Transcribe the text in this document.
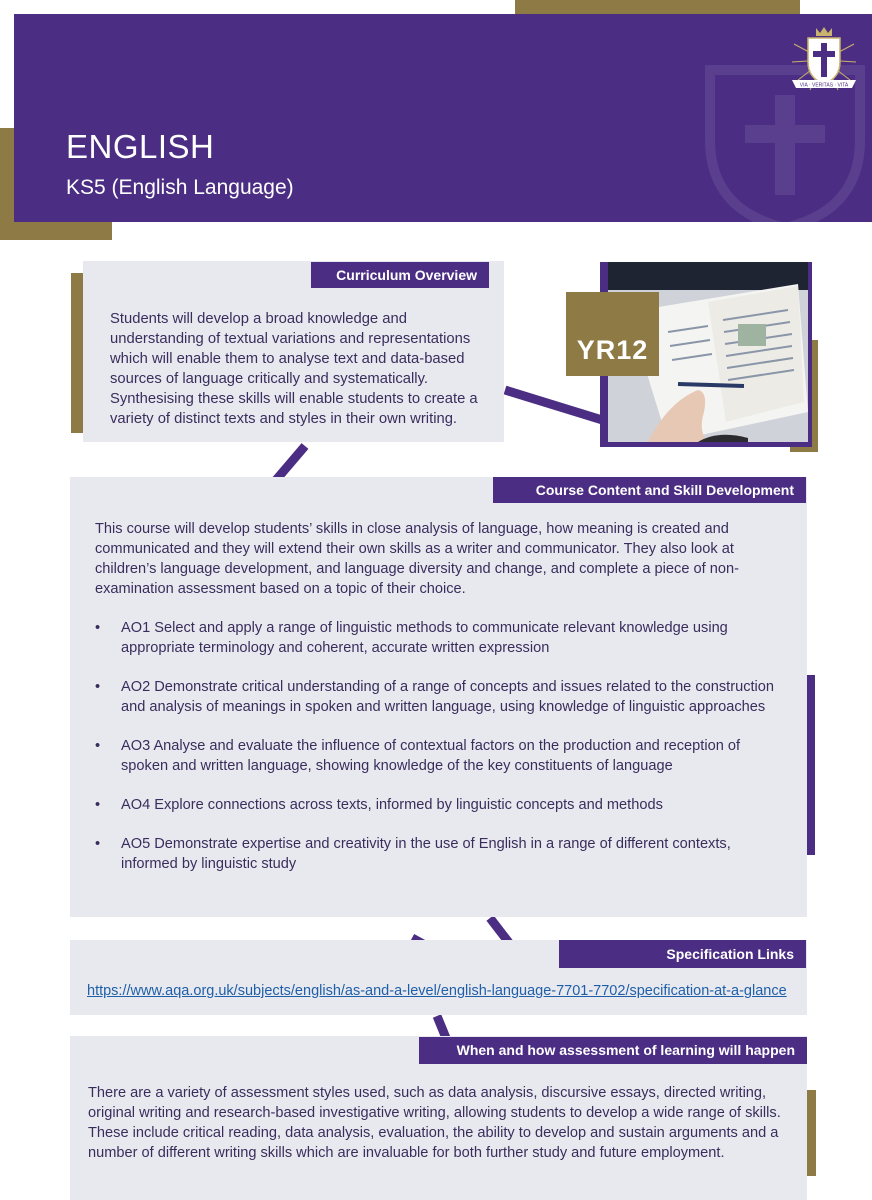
ENGLISH
KS5 (English Language)
VIA · VERITAS · VITA
Curriculum Overview
Students will develop a broad knowledge and understanding of textual variations and representations which will enable them to analyse text and data-based sources of language critically and systematically. Synthesising these skills will enable students to create a variety of distinct texts and styles in their own writing.
YR12
Course Content and Skill Development
This course will develop students’ skills in close analysis of language, how meaning is created and communicated and they will extend their own skills as a writer and communicator. They also look at children’s language development, and language diversity and change, and complete a piece of non-examination assessment based on a topic of their choice.
• AO1 Select and apply a range of linguistic methods to communicate relevant knowledge using appropriate terminology and coherent, accurate written expression
• AO2 Demonstrate critical understanding of a range of concepts and issues related to the construction and analysis of meanings in spoken and written language, using knowledge of linguistic approaches
• AO3 Analyse and evaluate the influence of contextual factors on the production and reception of spoken and written language, showing knowledge of the key constituents of language
• AO4 Explore connections across texts, informed by linguistic concepts and methods
• AO5 Demonstrate expertise and creativity in the use of English in a range of different contexts, informed by linguistic study
Specification Links
https://www.aqa.org.uk/subjects/english/as-and-a-level/english-language-7701-7702/specification-at-a-glance
When and how assessment of learning will happen
There are a variety of assessment styles used, such as data analysis, discursive essays, directed writing, original writing and research-based investigative writing, allowing students to develop a wide range of skills. These include critical reading, data analysis, evaluation, the ability to develop and sustain arguments and a number of different writing skills which are invaluable for both further study and future employment.
